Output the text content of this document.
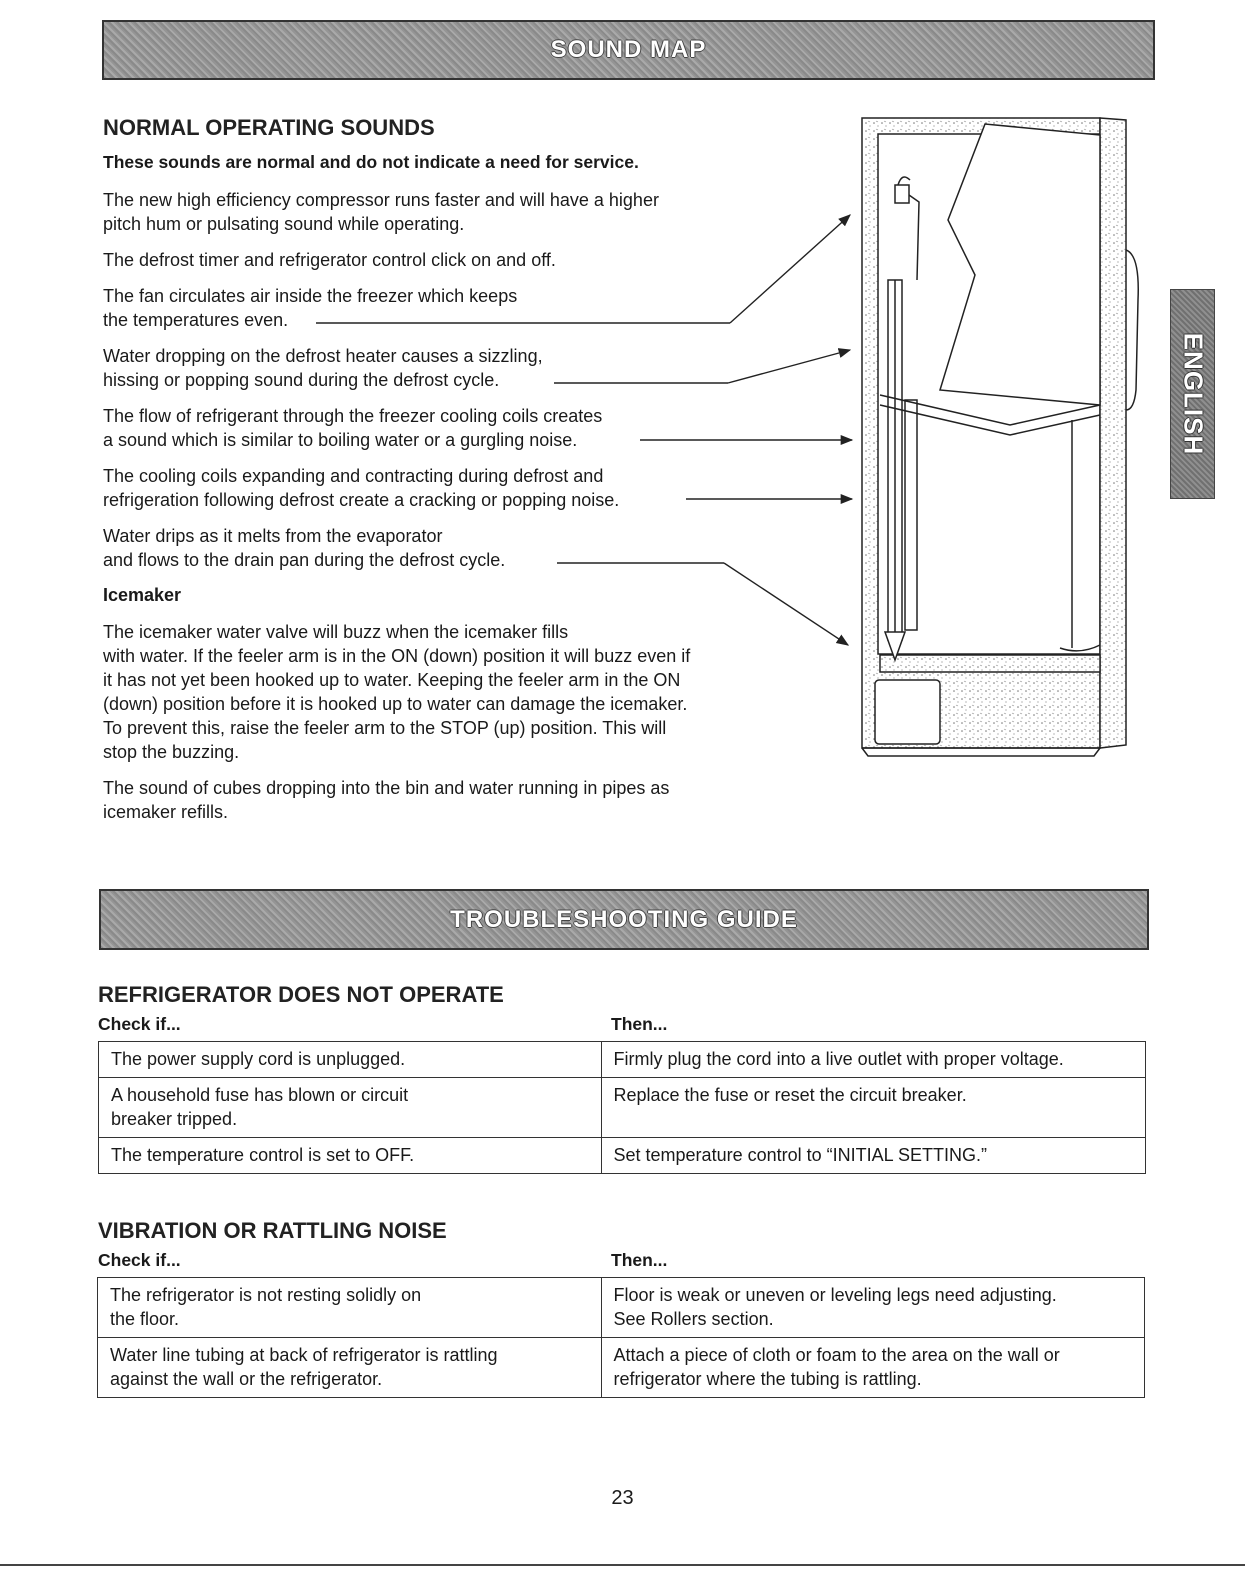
SOUND MAP
NORMAL OPERATING SOUNDS

These sounds are normal and do not indicate a need for service.

The new high efficiency compressor runs faster and will have a higher
pitch hum or pulsating sound while operating.

The defrost timer and refrigerator control click on and off.

The fan circulates air inside the freezer which keeps
the temperatures even.

Water dropping on the defrost heater causes a sizzling,
hissing or popping sound during the defrost cycle.

The flow of refrigerant through the freezer cooling coils creates
a sound which is similar to boiling water or a gurgling noise.

The cooling coils expanding and contracting during defrost and
refrigeration following defrost create a cracking or popping noise.

Water drips as it melts from the evaporator
and flows to the drain pan during the defrost cycle.

Icemaker

The icemaker water valve will buzz when the icemaker fills
with water. If the feeler arm is in the ON (down) position it will buzz even if
it has not yet been hooked up to water. Keeping the feeler arm in the ON
(down) position before it is hooked up to water can damage the icemaker.
To prevent this, raise the feeler arm to the STOP (up) position. This will
stop the buzzing.

The sound of cubes dropping into the bin and water running in pipes as
icemaker refills.

ENGLISH
TROUBLESHOOTING GUIDE
REFRIGERATOR DOES NOT OPERATE

Check if...	Then...

The power supply cord is unplugged.	Firmly plug the cord into a live outlet with proper voltage.
A household fuse has blown or circuit
breaker tripped.	Replace the fuse or reset the circuit breaker.
The temperature control is set to OFF.	Set temperature control to “INITIAL SETTING.”
VIBRATION OR RATTLING NOISE

Check if...	Then...

The refrigerator is not resting solidly on
the floor.	Floor is weak or uneven or leveling legs need adjusting.
See Rollers section.
Water line tubing at back of refrigerator is rattling
against the wall or the refrigerator.	Attach a piece of cloth or foam to the area on the wall or
refrigerator where the tubing is rattling.

23
